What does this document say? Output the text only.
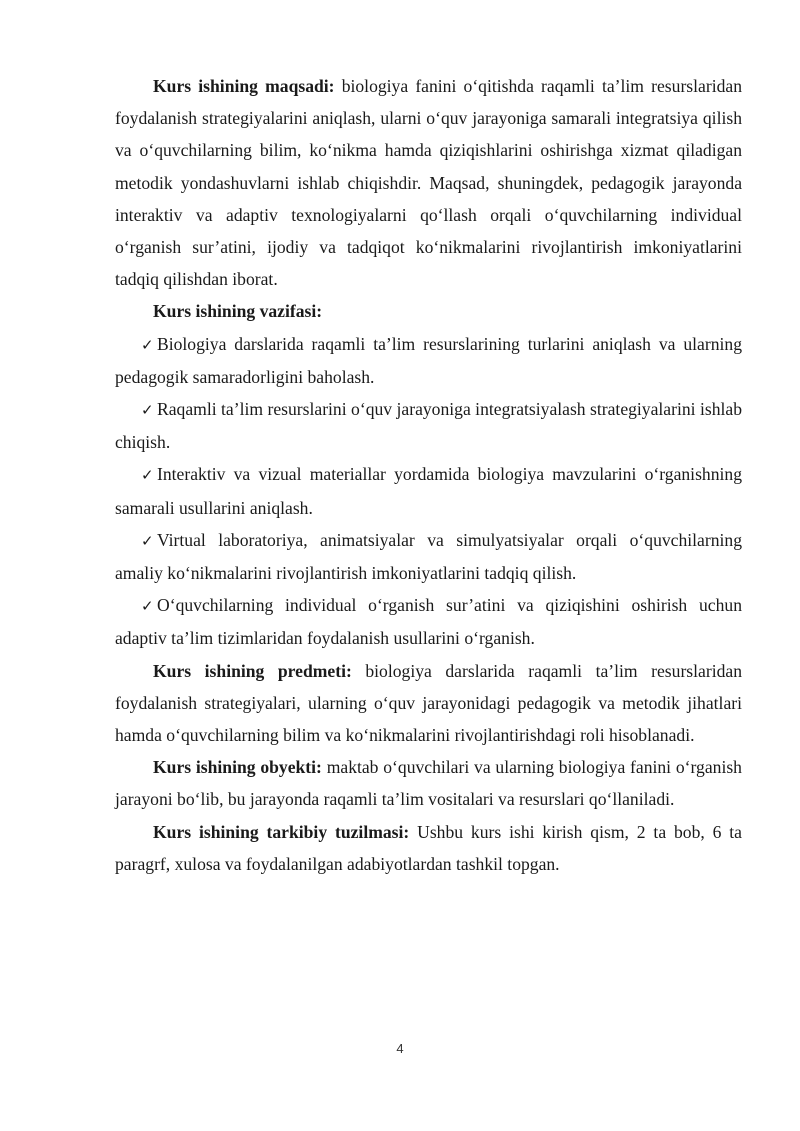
Kurs ishining maqsadi: biologiya fanini o‘qitishda raqamli ta’lim resurslaridan foydalanish strategiyalarini aniqlash, ularni o‘quv jarayoniga samarali integratsiya qilish va o‘quvchilarning bilim, ko‘nikma hamda qiziqishlarini oshirishga xizmat qiladigan metodik yondashuvlarni ishlab chiqishdir. Maqsad, shuningdek, pedagogik jarayonda interaktiv va adaptiv texnologiyalarni qo‘llash orqali o‘quvchilarning individual o‘rganish sur’atini, ijodiy va tadqiqot ko‘nikmalarini rivojlantirish imkoniyatlarini tadqiq qilishdan iborat.

Kurs ishining vazifasi:

✓ Biologiya darslarida raqamli ta’lim resurslarining turlarini aniqlash va ularning pedagogik samaradorligini baholash.

✓ Raqamli ta’lim resurslarini o‘quv jarayoniga integratsiyalash strategiyalarini ishlab chiqish.

✓ Interaktiv va vizual materiallar yordamida biologiya mavzularini o‘rganishning samarali usullarini aniqlash.

✓ Virtual laboratoriya, animatsiyalar va simulyatsiyalar orqali o‘quvchilarning amaliy ko‘nikmalarini rivojlantirish imkoniyatlarini tadqiq qilish.

✓ O‘quvchilarning individual o‘rganish sur’atini va qiziqishini oshirish uchun adaptiv ta’lim tizimlaridan foydalanish usullarini o‘rganish.

Kurs ishining predmeti: biologiya darslarida raqamli ta’lim resurslaridan foydalanish strategiyalari, ularning o‘quv jarayonidagi pedagogik va metodik jihatlari hamda o‘quvchilarning bilim va ko‘nikmalarini rivojlantirishdagi roli hisoblanadi.

Kurs ishining obyekti: maktab o‘quvchilari va ularning biologiya fanini o‘rganish jarayoni bo‘lib, bu jarayonda raqamli ta’lim vositalari va resurslari qo‘llaniladi.

Kurs ishining tarkibiy tuzilmasi: Ushbu kurs ishi kirish qism, 2 ta bob, 6 ta paragrf, xulosa va foydalanilgan adabiyotlardan tashkil topgan.

4
